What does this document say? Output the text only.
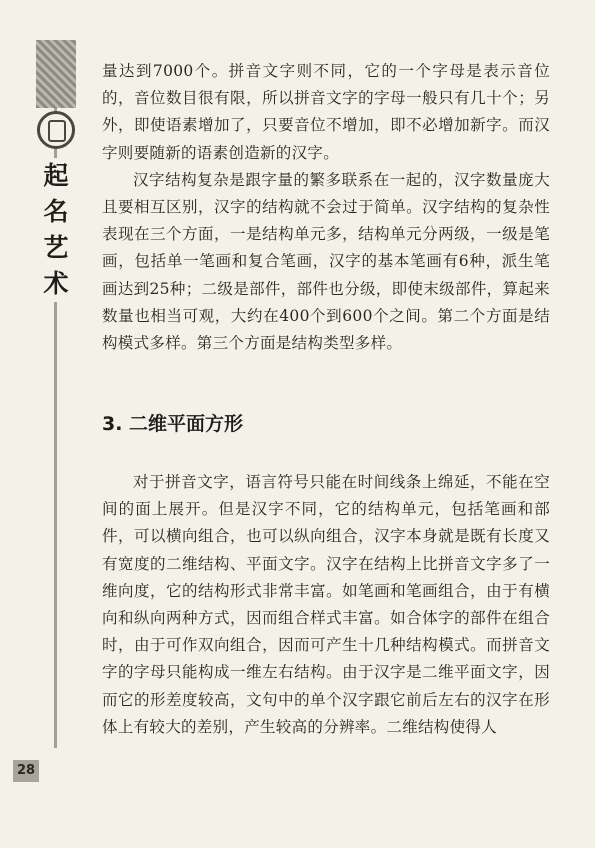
起
名
艺
术

量达到7000个。拼音文字则不同，它的一个字母是表示音位的，音位数目很有限，所以拼音文字的字母一般只有几十个；另外，即使语素增加了，只要音位不增加，即不必增加新字。而汉字则要随新的语素创造新的汉字。

汉字结构复杂是跟字量的繁多联系在一起的，汉字数量庞大且要相互区别，汉字的结构就不会过于简单。汉字结构的复杂性表现在三个方面，一是结构单元多，结构单元分两级，一级是笔画，包括单一笔画和复合笔画，汉字的基本笔画有6种，派生笔画达到25种；二级是部件，部件也分级，即使末级部件，算起来数量也相当可观，大约在400个到600个之间。第二个方面是结构模式多样。第三个方面是结构类型多样。

3. 二维平面方形

对于拼音文字，语言符号只能在时间线条上绵延，不能在空间的面上展开。但是汉字不同，它的结构单元，包括笔画和部件，可以横向组合，也可以纵向组合，汉字本身就是既有长度又有宽度的二维结构、平面文字。汉字在结构上比拼音文字多了一维向度，它的结构形式非常丰富。如笔画和笔画组合，由于有横向和纵向两种方式，因而组合样式丰富。如合体字的部件在组合时，由于可作双向组合，因而可产生十几种结构模式。而拼音文字的字母只能构成一维左右结构。由于汉字是二维平面文字，因而它的形差度较高，文句中的单个汉字跟它前后左右的汉字在形体上有较大的差别，产生较高的分辨率。二维结构使得人

28
